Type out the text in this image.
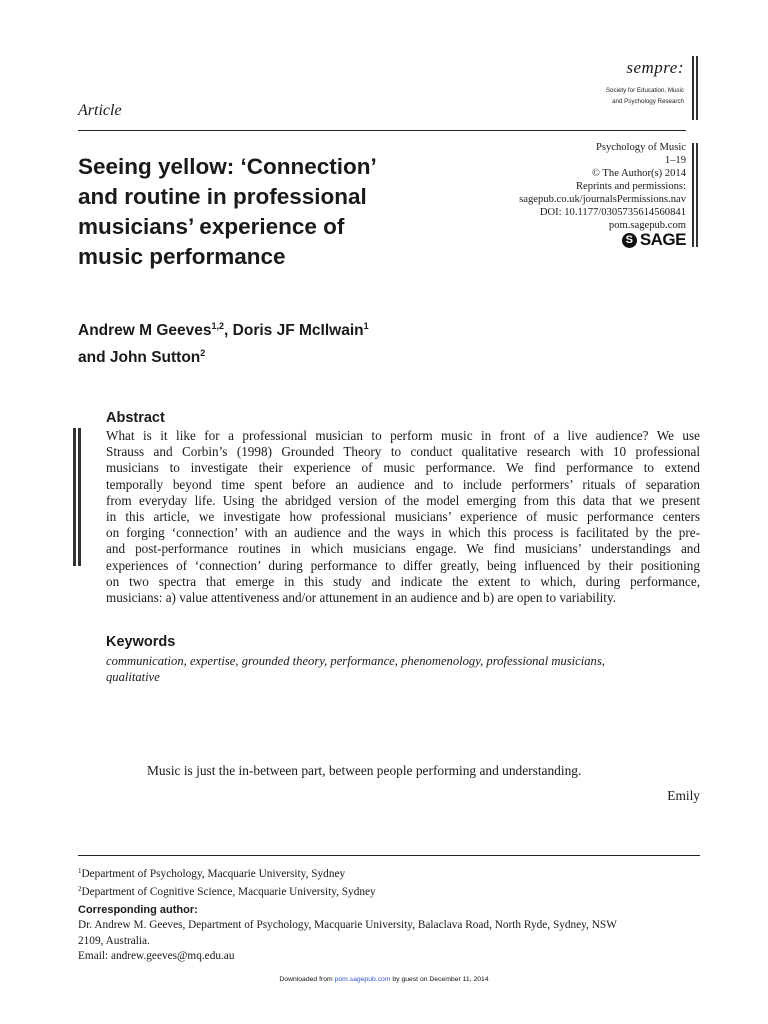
sempre:
Society for Education, Music
and Psychology Research
Article
Psychology of Music
1–19
© The Author(s) 2014
Reprints and permissions:
sagepub.co.uk/journalsPermissions.nav
DOI: 10.1177/0305735614560841
pom.sagepub.com
S SAGE
Seeing yellow: ‘Connection’
and routine in professional
musicians’ experience of
music performance
Andrew M Geeves$^{1,2}$, Doris JF McIlwain$^1$
and John Sutton$^2$
Abstract
What is it like for a professional musician to perform music in front of a live audience? We use
Strauss and Corbin’s (1998) Grounded Theory to conduct qualitative research with 10 professional
musicians to investigate their experience of music performance. We find performance to extend
temporally beyond time spent before an audience and to include performers’ rituals of separation
from everyday life. Using the abridged version of the model emerging from this data that we present
in this article, we investigate how professional musicians’ experience of music performance centers
on forging ‘connection’ with an audience and the ways in which this process is facilitated by the pre-
and post-performance routines in which musicians engage. We find musicians’ understandings and
experiences of ‘connection’ during performance to differ greatly, being influenced by their positioning
on two spectra that emerge in this study and indicate the extent to which, during performance,
musicians: a) value attentiveness and/or attunement in an audience and b) are open to variability.
Keywords
communication, expertise, grounded theory, performance, phenomenology, professional musicians,
qualitative
Music is just the in-between part, between people performing and understanding.
Emily
$^1$Department of Psychology, Macquarie University, Sydney
$^2$Department of Cognitive Science, Macquarie University, Sydney
Corresponding author:
Dr. Andrew M. Geeves, Department of Psychology, Macquarie University, Balaclava Road, North Ryde, Sydney, NSW
2109, Australia.
Email: andrew.geeves@mq.edu.au
Downloaded from pom.sagepub.com by guest on December 11, 2014
